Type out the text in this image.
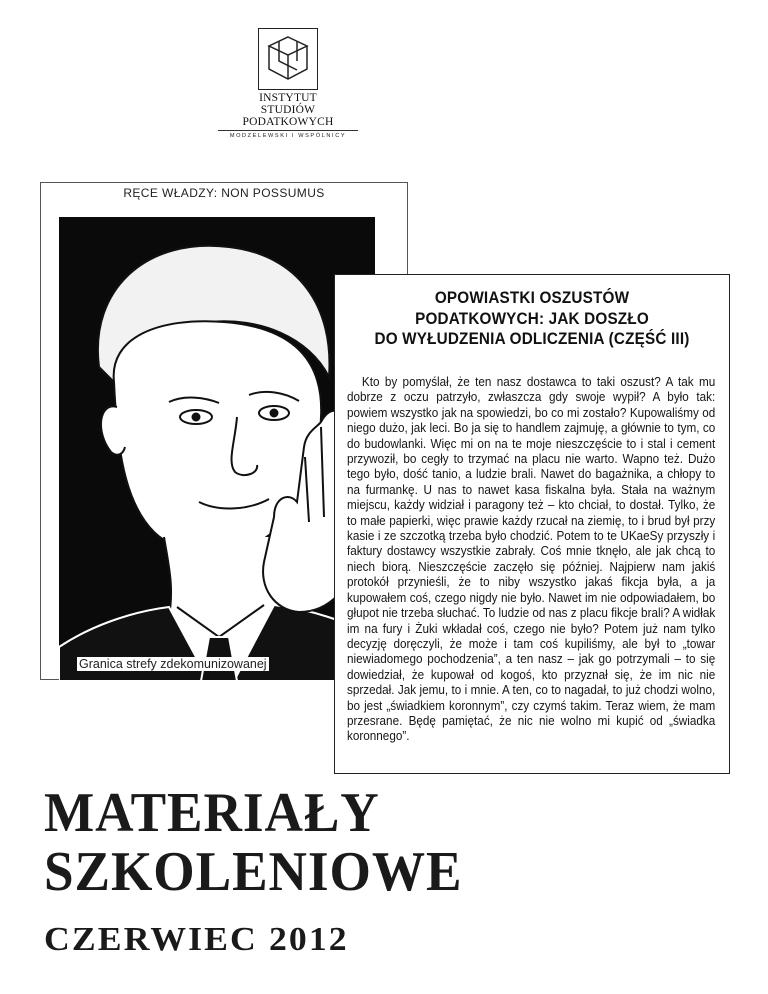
INSTYTUT
STUDIÓW
PODATKOWYCH
MODZELEWSKI I WSPÓLNICY
RĘCE WŁADZY: NON POSSUMUS
Granica strefy zdekomunizowanej
OPOWIASTKI OSZUSTÓW
PODATKOWYCH: JAK DOSZŁO
DO WYŁUDZENIA ODLICZENIA (CZĘŚĆ III)
Kto by pomyślał, że ten nasz dostawca to taki oszust? A tak mu dobrze z oczu patrzyło, zwłaszcza gdy swoje wypił? A było tak: powiem wszystko jak na spowiedzi, bo co mi zostało? Kupowaliśmy od niego dużo, jak leci. Bo ja się to handlem zajmuję, a głównie to tym, co do budowlanki. Więc mi on na te moje nieszczęście to i stal i cement przywoził, bo cegły to trzymać na placu nie warto. Wapno też. Dużo tego było, dość tanio, a ludzie brali. Nawet do bagażnika, a chłopy to na furmankę. U nas to nawet kasa fiskalna była. Stała na ważnym miejscu, każdy widział i paragony też – kto chciał, to dostał. Tylko, że to małe papierki, więc prawie każdy rzucał na ziemię, to i brud był przy kasie i ze szczotką trzeba było chodzić. Potem to te UKaeSy przyszły i faktury dostawcy wszystkie zabrały. Coś mnie tknęło, ale jak chcą to niech biorą. Nieszczęście zaczęło się później. Najpierw nam jakiś protokół przynieśli, że to niby wszystko jakaś fikcja była, a ja kupowałem coś, czego nigdy nie było. Nawet im nie odpowiadałem, bo głupot nie trzeba słuchać. To ludzie od nas z placu fikcje brali? A widłak im na fury i Żuki wkładał coś, czego nie było? Potem już nam tylko decyzję doręczyli, że może i tam coś kupiliśmy, ale był to „towar niewiadomego pochodzenia”, a ten nasz – jak go potrzymali – to się dowiedział, że kupował od kogoś, kto przyznał się, że im nic nie sprzedał. Jak jemu, to i mnie. A ten, co to nagadał, to już chodzi wolno, bo jest „świadkiem koronnym”, czy czymś takim. Teraz wiem, że mam przesrane. Będę pamiętać, że nic nie wolno mi kupić od „świadka koronnego”.
MATERIAŁY
SZKOLENIOWE
CZERWIEC 2012
